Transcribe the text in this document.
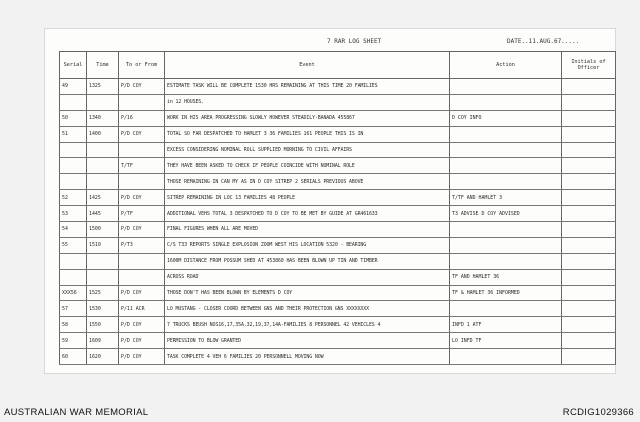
7 RAR LOG SHEET	DATE..11.AUG.67.....
Serial	Time	To or From	Event	Action	Initials of Officer
49	1325	P/D COY	ESTIMATE TASK WILL BE COMPLETE 1530 HRS REMAINING AT THIS TIME 20 FAMILIES		
			in 12 HOUSES.		
50	1340	P/16	WORK IN HIS AREA PROGRESSING SLOWLY HOWEVER STEADILY-BANADA 455867	D COY INFO	
51	1400	P/D COY	TOTAL SO FAR DESPATCHED TO HAMLET 3 36 FAMILIES 161 PEOPLE THIS IS IN		
			EXCESS CONSIDERING NOMINAL ROLL SUPPLIED MORNING TO CIVIL AFFAIRS		
		T/TF	THEY HAVE BEEN ASKED TO CHECK IF PEOPLE COINCIDE WITH NOMINAL ROLE		
			THOSE REMAINING IN CAN MY AS IN D COY SITREP 2 SERIALS PREVIOUS ABOVE		
52	1425	P/D COY	SITREP REMAINING IN LOC 13 FAMILIES 48 PEOPLE	T/TF AND HAMLET 3	
53	1445	P/TF	ADDITIONAL VEHS TOTAL 3 DESPATCHED TO D COY TO BE MET BY GUIDE AT GR461633	T3 ADVISE D COY ADVISED	
54	1500	P/D COY	FINAL FIGURES WHEN ALL ARE MOVED		
55	1510	P/T3	C/S T33 REPORTS SINGLE EXPLOSION ZOOM WEST HIS LOCATION 5320 - BEARING		
			1600M DISTANCE FROM POSSUM SHED AT 453860 HAS BEEN BLOWN UP TIN AND TIMBER		
			ACROSS ROAD	TF AND HAMLET 36	
XXX56	1525	P/D COY	THOSE DON'T HAS BEEN BLOWN BY ELEMENTS D COY	TF & HAMLET 36 INFORMED	
57	1530	P/11 ACR	LO MUSTANG - CLOSER COORD BETWEEN GNS AND THEIR PROTECTION GNS XXXXXXXX		
58	1550	P/D COY	7 TRUCKS BEUSH NOS16,17,35A,32,19,37,14A-FAMILIES 8 PERSONNEL 42 VEHICLES 4	INFD 1 ATF	
59	1609	P/D COY	PERMISSION TO BLOW GRANTED	LO INFD TF	
60	1620	P/D COY	TASK COMPLETE 4 VEH 6 FAMILIES 20 PERSONNELL MOVING NOW		
AUSTRALIAN WAR MEMORIAL	RCDIG1029366
